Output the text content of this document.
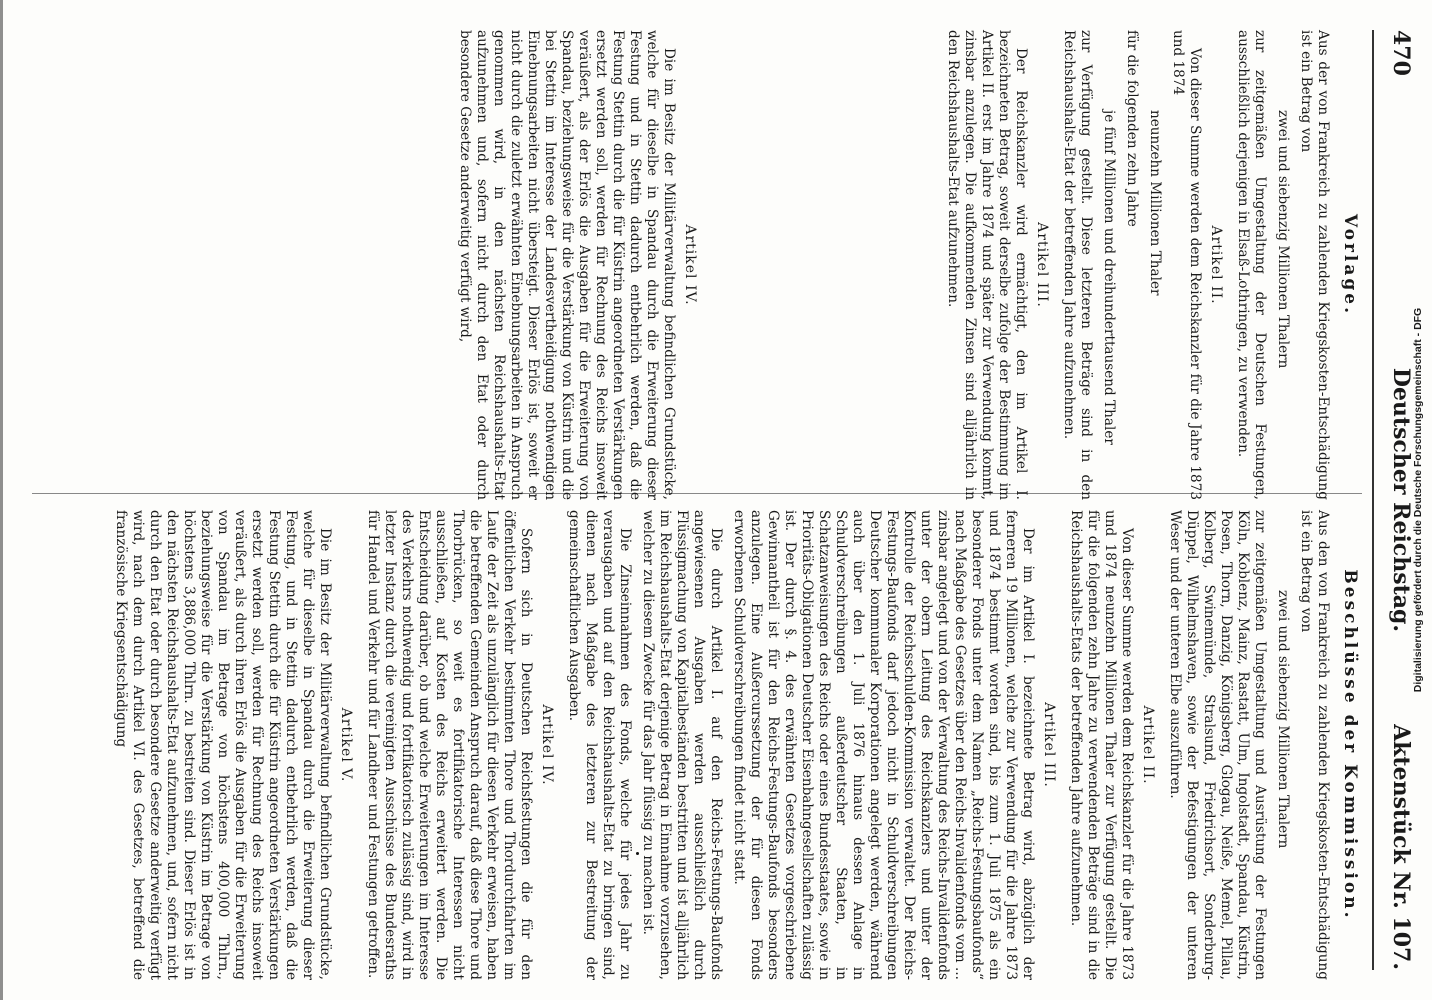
470
Deutscher Reichstag.
Aktenstück Nr. 107.
Vorlage.

Aus der von Frankreich zu zahlenden Kriegskosten-Entschädigung ist ein Betrag von

zwei und siebenzig Millionen Thalern

zur zeitgemäßen Umgestaltung der Deutschen Festungen, ausschließlich derjenigen in Elsaß-Lothringen, zu verwenden.

Artikel II.

Von dieser Summe werden dem Reichskanzler für die Jahre 1873 und 1874

neunzehn Millionen Thaler

für die folgenden zehn Jahre

je fünf Millionen und dreihunderttausend Thaler

zur Verfügung gestellt. Diese letzteren Beträge sind in den Reichshaushalts-Etat der betreffenden Jahre aufzunehmen.

Artikel III.

Der Reichskanzler wird ermächtigt, den im Artikel I. bezeichneten Betrag, soweit derselbe zufolge der Bestimmung im Artikel II. erst im Jahre 1874 und später zur Verwendung kommt, zinsbar anzulegen. Die aufkommenden Zinsen sind alljährlich in den Reichshaushalts-Etat aufzunehmen.

Artikel IV.

Die im Besitz der Militärverwaltung befindlichen Grundstücke, welche für dieselbe in Spandau durch die Erweiterung dieser Festung und in Stettin dadurch entbehrlich werden, daß die Festung Stettin durch die für Küstrin angeordneten Verstärkungen ersetzt werden soll, werden für Rechnung des Reichs insoweit veräußert, als der Erlös die Ausgaben für die Erweiterung von Spandau, beziehungsweise für die Verstärkung von Küstrin und die bei Stettin im Interesse der Landesvertheidigung nothwendigen Einebnungsarbeiten nicht übersteigt. Dieser Erlös ist, soweit er nicht durch die zuletzt erwähnten Einebnungsarbeiten in Anspruch genommen wird, in den nächsten Reichshaushalts-Etat aufzunehmen und, sofern nicht durch den Etat oder durch besondere Gesetze anderweitig verfügt wird,

Beschlüsse der Kommission.

Aus den von Frankreich zu zahlenden Kriegskosten-Entschädigung ist ein Betrag von

zwei und siebenzig Millionen Thalern

zur zeitgemäßen Umgestaltung und Ausrüstung der Festungen Köln, Koblenz, Mainz, Rastatt, Ulm, Ingolstadt, Spandau, Küstrin, Posen, Thorn, Danzig, Königsberg, Glogau, Neiße, Memel, Pillau, Kolberg, Swinemünde, Stralsund, Friedrichsort, Sonderburg-Düppel, Wilhelmshaven, sowie der Befestigungen der unteren Weser und der unteren Elbe auszuführen.

Artikel II.

Von dieser Summe werden dem Reichskanzler für die Jahre 1873 und 1874 neunzehn Millionen Thaler zur Verfügung gestellt. Die für die folgenden zehn Jahre zu verwendenden Beträge sind in die Reichshaushalts-Etats der betreffenden Jahre aufzunehmen.

Artikel III.

Der im Artikel I. bezeichnete Betrag wird, abzüglich der ferneren 19 Millionen, welche zur Verwendung für die Jahre 1873 und 1874 bestimmt worden sind, bis zum 1. Juli 1875 als ein besonderer Fonds unter dem Namen „Reichs-Festungsbaufonds“ nach Maßgabe des Gesetzes über den Reichs-Invalidenfonds vom ... zinsbar angelegt und von der Verwaltung des Reichs-Invalidenfonds unter der obern Leitung des Reichskanzlers und unter der Kontrolle der Reichsschulden-Kommission verwaltet. Der Reichs-Festungs-Baufonds darf jedoch nicht in Schuldverschreibungen Deutscher kommunaler Korporationen angelegt werden, während auch über den 1. Juli 1876 hinaus dessen Anlage in Schuldverschreibungen außerdeutscher Staaten, in Schatzanweisungen des Reichs oder eines Bundesstaates, sowie in Prioritäts-Obligationen Deutscher Eisenbahngesellschaften zulässig ist. Der durch §. 4. des erwähnten Gesetzes vorgeschriebene Gewinnantheil ist für den Reichs-Festungs-Baufonds besonders anzulegen. Eine Außercurssetzung der für diesen Fonds erworbenen Schuldverschreibungen findet nicht statt.

Die durch Artikel I. auf den Reichs-Festungs-Baufonds angewiesenen Ausgaben werden ausschließlich durch Flüssigmachung von Kapitalbeständen bestritten und ist alljährlich im Reichshaushalts-Etat derjenige Betrag in Einnahme vorzusehen, welcher zu diesem Zwecke für das Jahr flüssig zu machen ist.

Die Zinseinnahmen des Fonds, welche für jedes Jahr zu verausgaben und auf den Reichshaushalts-Etat zu bringen sind, dienen nach Maßgabe des letzteren zur Bestreitung der gemeinschaftlichen Ausgaben.

Artikel IV.

Sofern sich in Deutschen Reichsfestungen die für den öffentlichen Verkehr bestimmten Thore und Thordurchfahrten im Laufe der Zeit als unzulänglich für diesen Verkehr erweisen, haben die betreffenden Gemeinden Anspruch darauf, daß diese Thore und Thorbrücken, so weit es fortifikatorische Interessen nicht ausschließen, auf Kosten des Reichs erweitert werden. Die Entscheidung darüber, ob und welche Erweiterungen im Interesse des Verkehrs nothwendig und fortifikatorisch zulässig sind, wird in letzter Instanz durch die vereinigten Ausschüsse des Bundesraths für Handel und Verkehr und für Landheer und Festungen getroffen.

Artikel V.

Die im Besitz der Militärverwaltung befindlichen Grundstücke, welche für dieselbe in Spandau durch die Erweiterung dieser Festung, und in Stettin dadurch entbehrlich werden, daß die Festung Stettin durch die für Küstrin angeordneten Verstärkungen ersetzt werden soll, werden für Rechnung des Reichs insoweit veräußert, als durch ihren Erlös die Ausgaben für die Erweiterung von Spandau im Betrage von höchstens 400,000 Thlrn., beziehungsweise für die Verstärkung von Küstrin im Betrage von höchstens 3,886,000 Thlrn. zu bestreiten sind. Dieser Erlös ist in den nächsten Reichshaushalts-Etat aufzunehmen, und, sofern nicht durch den Etat oder durch besondere Gesetze anderweitig verfügt wird, nach dem durch Artikel VI. des Gesetzes, betreffend die französische Kriegsentschädigung	Digitalisierung gefördert durch die Deutsche Forschungsgemeinschaft - DFG
